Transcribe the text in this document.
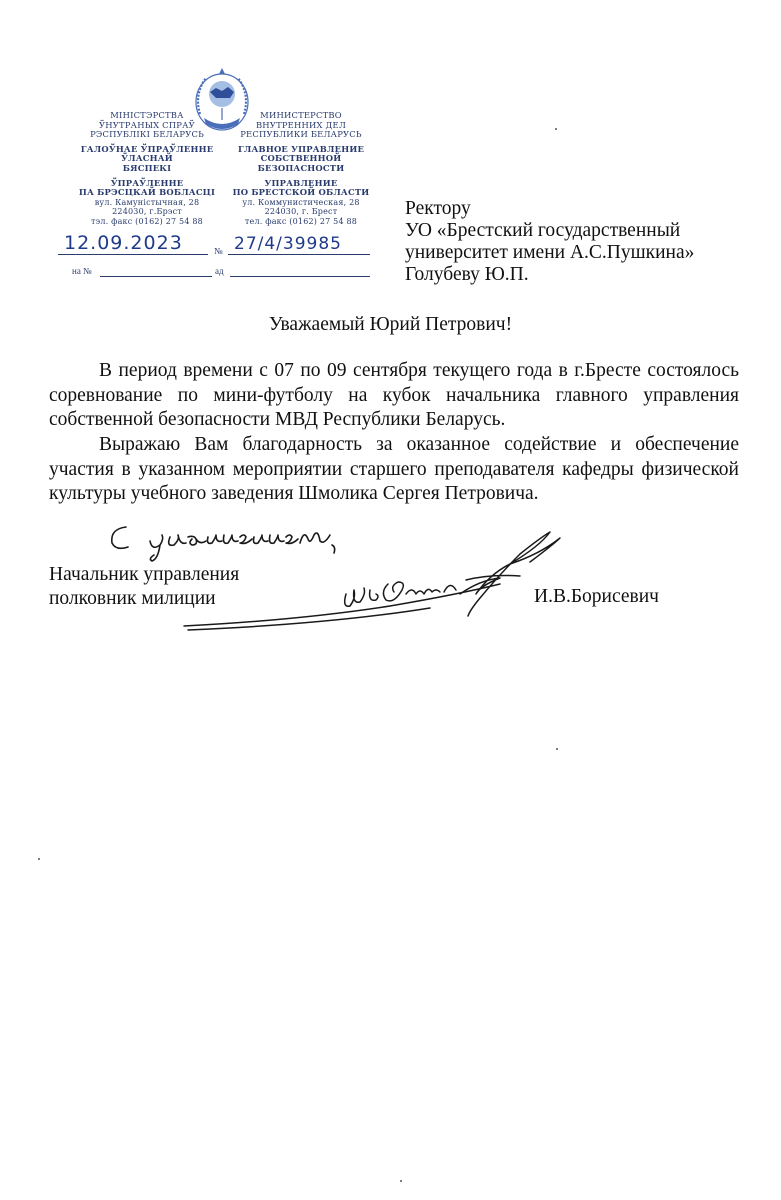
МІНІСТЭРСТВА
ЎНУТРАНЫХ СПРАЎ
РЭСПУБЛІКІ БЕЛАРУСЬ
ГАЛОЎНАЕ ЎПРАЎЛЕННЕ
ЎЛАСНАЙ
БЯСПЕКІ
ЎПРАЎЛЕННЕ
ПА БРЭСЦКАЙ ВОБЛАСЦІ
вул. Камуністычная, 28
224030, г.Брэст
тэл. факс (0162) 27 54 88
МИНИСТЕРСТВО
ВНУТРЕННИХ ДЕЛ
РЕСПУБЛИКИ БЕЛАРУСЬ
ГЛАВНОЕ УПРАВЛЕНИЕ
СОБСТВЕННОЙ
БЕЗОПАСНОСТИ
УПРАВЛЕНИЕ
ПО БРЕСТСКОЙ ОБЛАСТИ
ул. Коммунистическая, 28
224030, г. Брест
тел. факс (0162) 27 54 88
12.09.2023	№ 27/4/39985
на №	ад
Ректору
УО «Брестский государственный
университет имени А.С.Пушкина»
Голубеву Ю.П.
Уважаемый Юрий Петрович!
В период времени с 07 по 09 сентября текущего года в г.Бресте состоялось соревнование по мини-футболу на кубок начальника главного управления собственной безопасности МВД Республики Беларусь.
Выражаю Вам благодарность за оказанное содействие и обеспечение участия в указанном мероприятии старшего преподавателя кафедры физической культуры учебного заведения Шмолика Сергея Петровича.
Начальник управления
полковник милиции	И.В.Борисевич
